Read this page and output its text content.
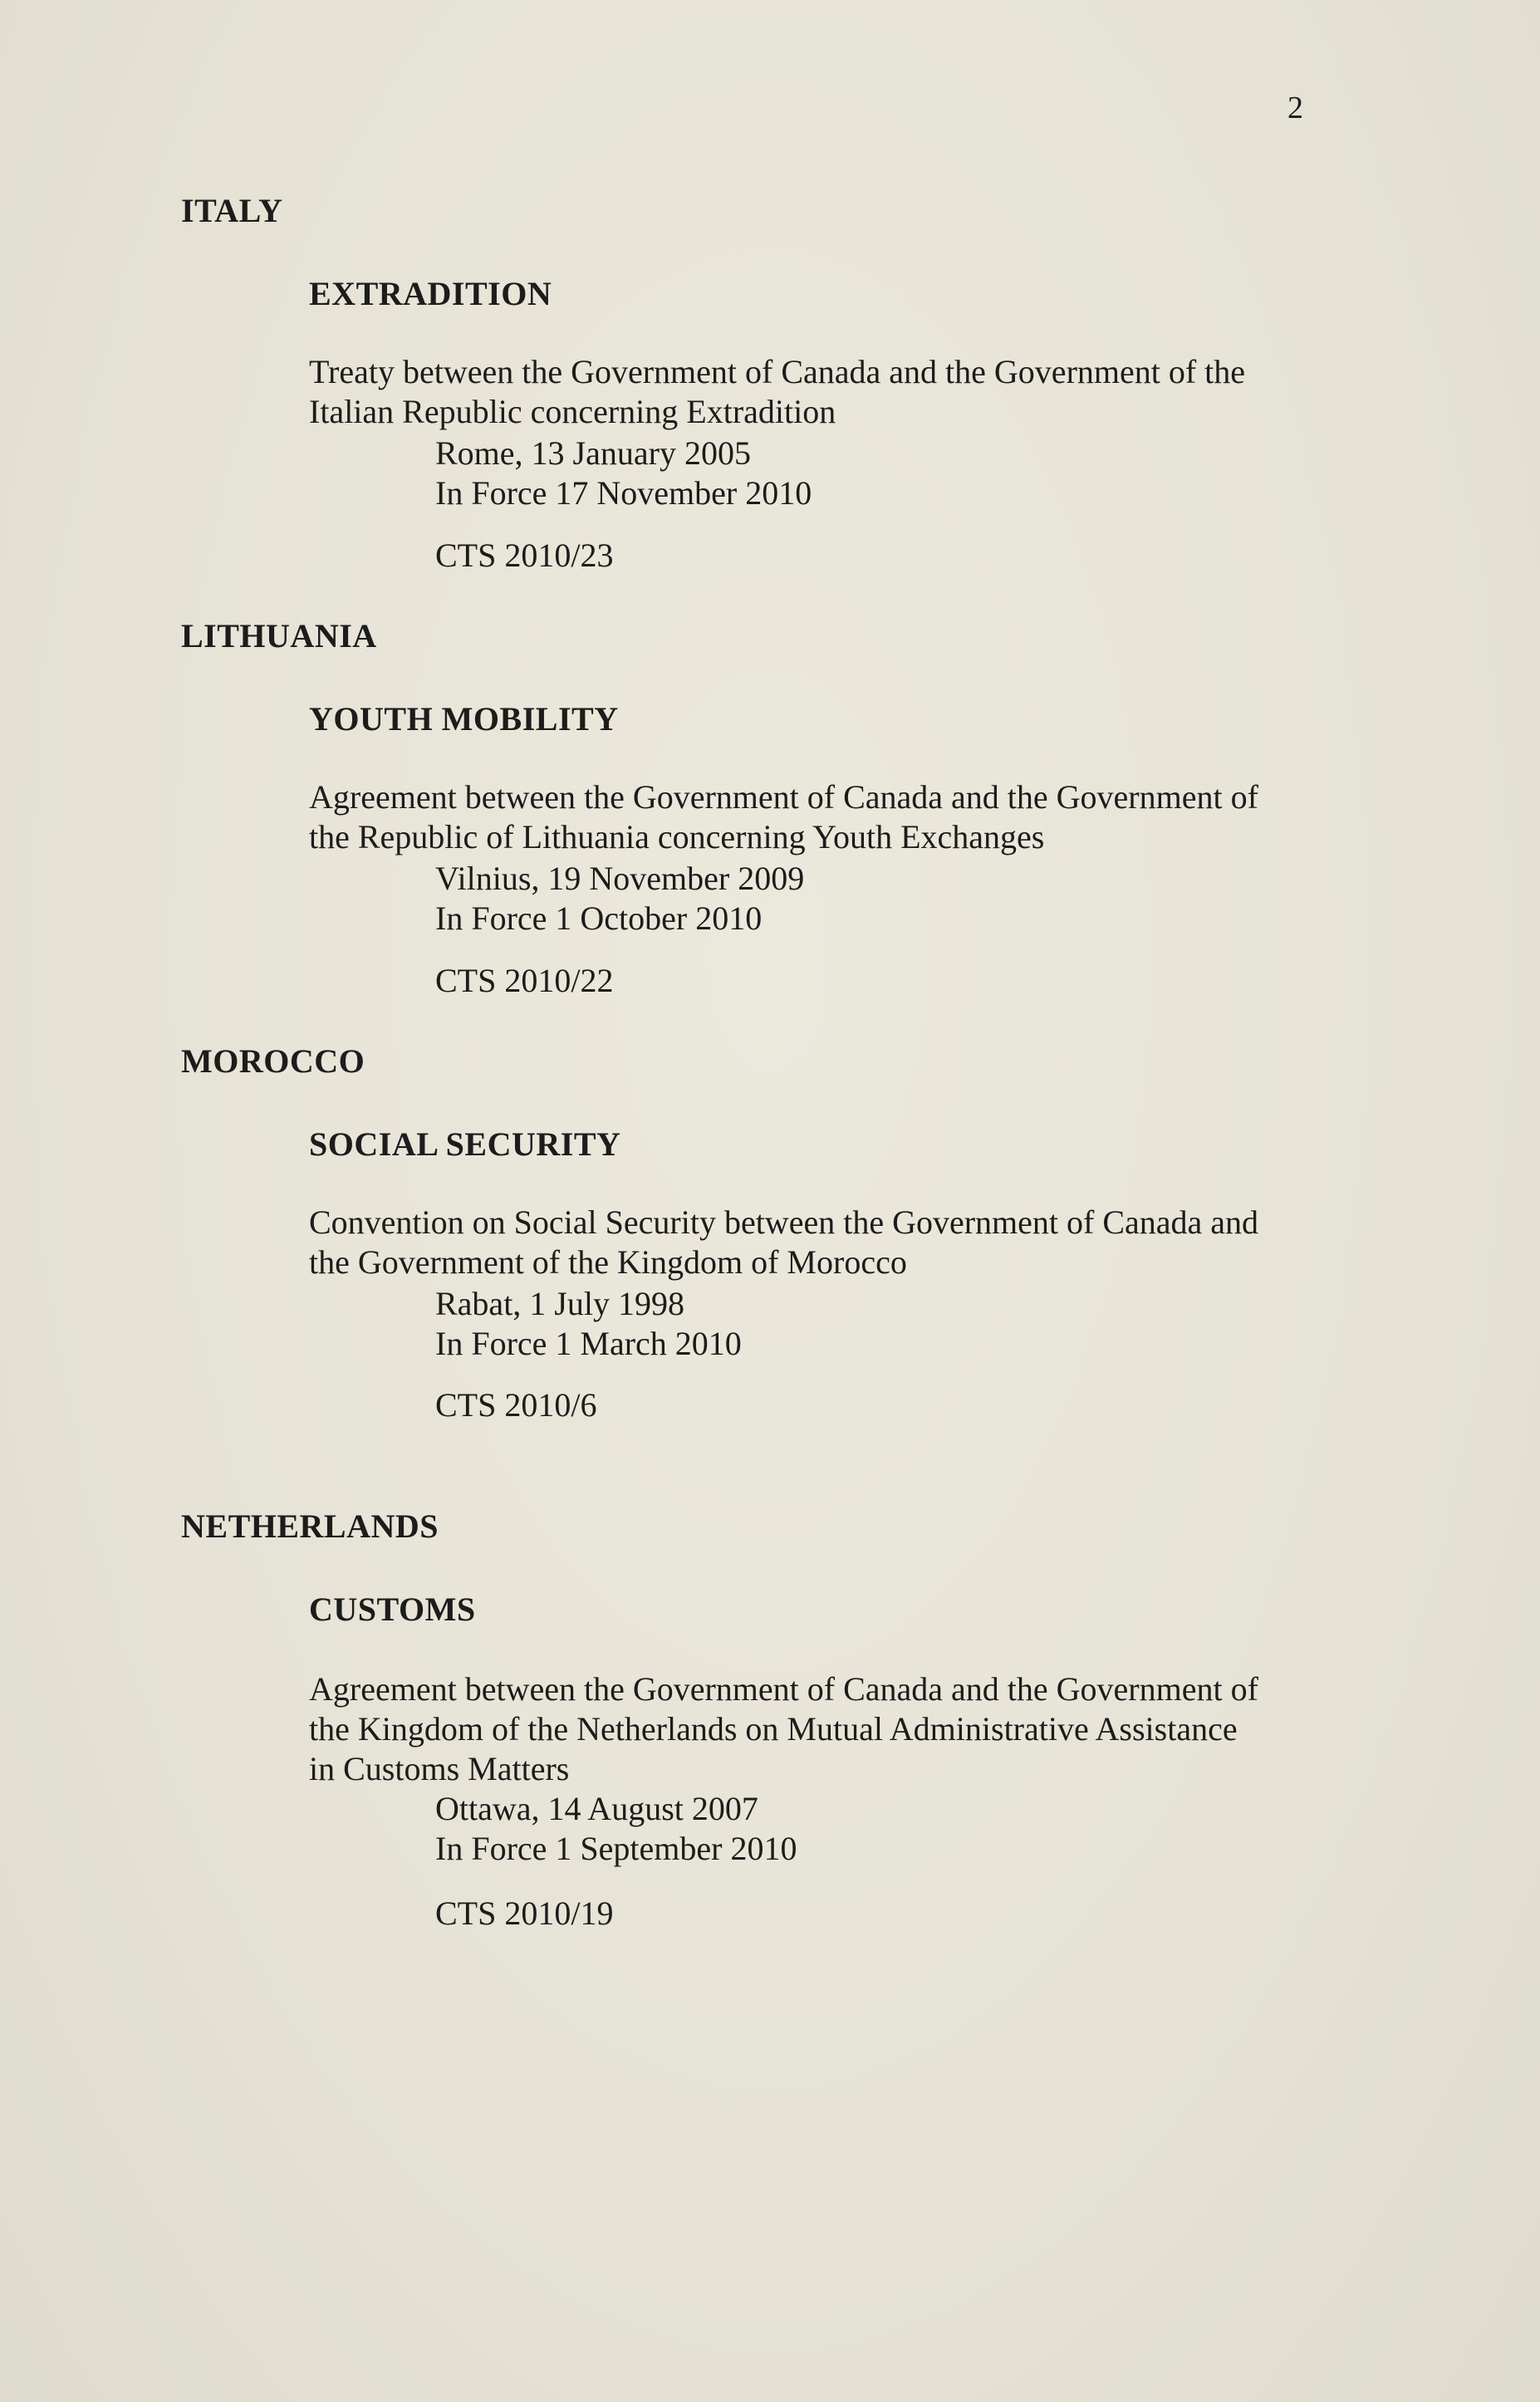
2
ITALY
EXTRADITION
Treaty between the Government of Canada and the Government of the
Italian Republic concerning Extradition
Rome, 13 January 2005
In Force 17 November 2010
CTS 2010/23
LITHUANIA
YOUTH MOBILITY
Agreement between the Government of Canada and the Government of
the Republic of Lithuania concerning Youth Exchanges
Vilnius, 19 November 2009
In Force 1 October 2010
CTS 2010/22
MOROCCO
SOCIAL SECURITY
Convention on Social Security between the Government of Canada and
the Government of the Kingdom of Morocco
Rabat, 1 July 1998
In Force 1 March 2010
CTS 2010/6
NETHERLANDS
CUSTOMS
Agreement between the Government of Canada and the Government of
the Kingdom of the Netherlands on Mutual Administrative Assistance
in Customs Matters
Ottawa, 14 August 2007
In Force 1 September 2010
CTS 2010/19
